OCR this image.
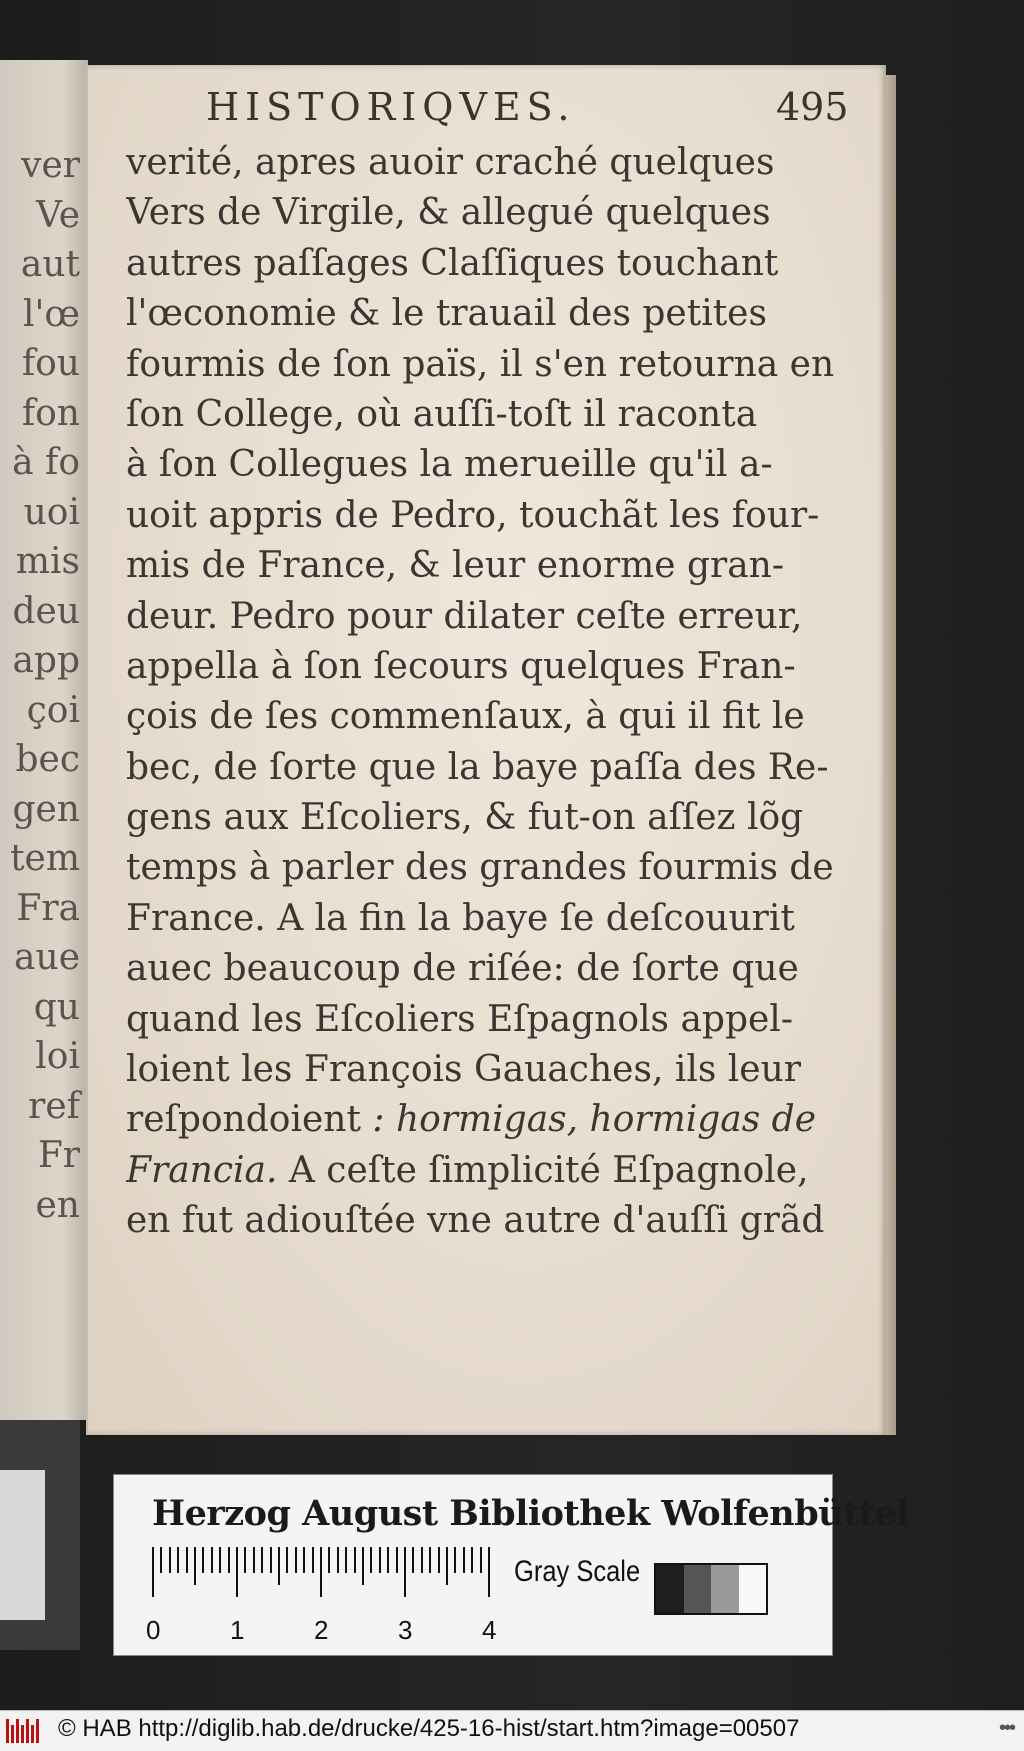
ver
Ve
aut
l'œ
fou
fon
à fo
uoi
mis
deu
app
çoi
bec
gen
tem
Fra
aue
qu
loi
ref
Fr
en
HISTORIQVES.	495
verité, apres auoir craché quelques
Vers de Virgile, & allegué quelques
autres paſſages Claſſiques touchant
l'œconomie & le trauail des petites
fourmis de ſon païs, il s'en retourna en
ſon College, où auſſi-toſt il raconta
à ſon Collegues la merueille qu'il a-
uoit appris de Pedro, touchãt les four-
mis de France, & leur enorme gran-
deur. Pedro pour dilater ceſte erreur,
appella à ſon ſecours quelques Fran-
çois de ſes commenſaux, à qui il fit le
bec, de ſorte que la baye paſſa des Re-
gens aux Eſcoliers, & fut-on aſſez lõg
temps à parler des grandes fourmis de
France. A la fin la baye ſe deſcouurit
auec beaucoup de riſée: de ſorte que
quand les Eſcoliers Eſpagnols appel-
loient les François Gauaches, ils leur
reſpondoient : hormigas, hormigas de
Francia. A ceſte ſimplicité Eſpagnole,
en fut adiouſtée vne autre d'auſſi grãd
Herzog August Bibliothek Wolfenbüttel
0	1	2	3	4
Gray Scale
© HAB http://diglib.hab.de/drucke/425-16-hist/start.htm?image=00507	•••
